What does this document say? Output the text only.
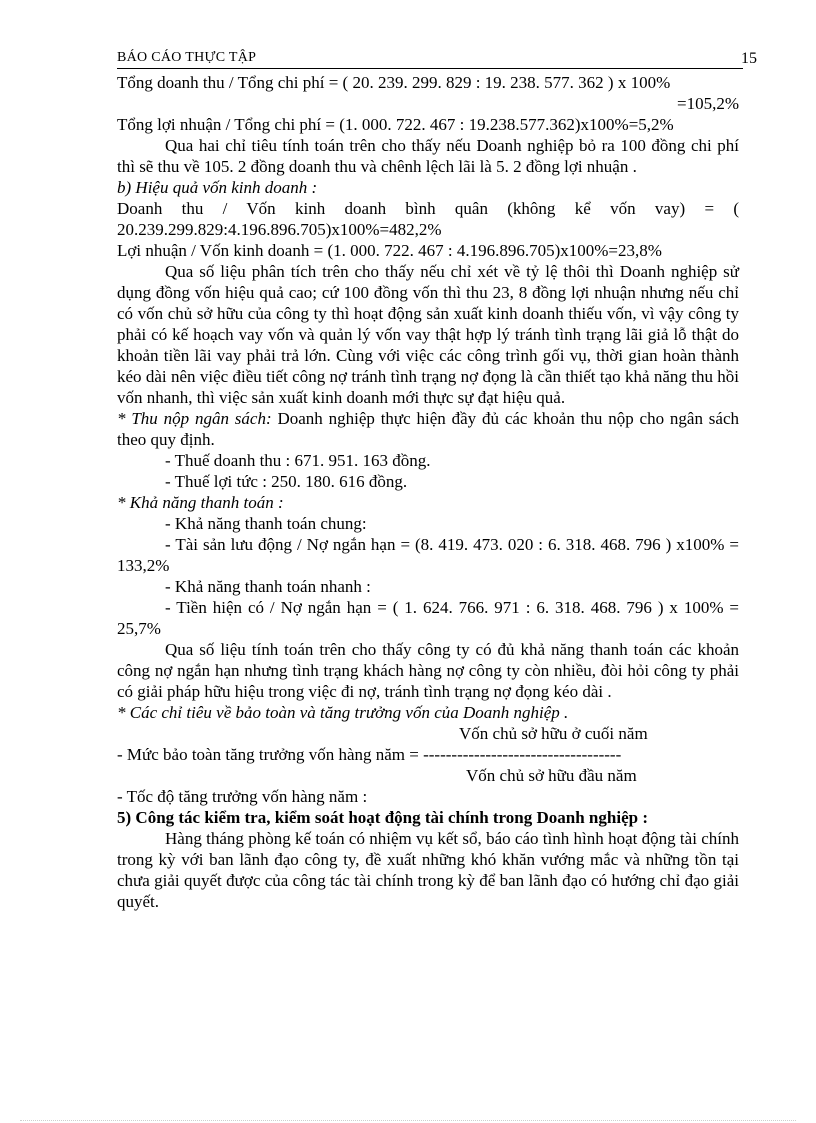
BÁO CÁO THỰC TẬP	15

Tổng doanh thu / Tổng chi phí = ( 20. 239. 299. 829 : 19. 238. 577. 362 ) x 100%

=105,2%

Tổng lợi nhuận / Tổng chi phí = (1. 000. 722. 467 : 19.238.577.362)x100%=5,2%

Qua hai chỉ tiêu tính toán trên cho thấy nếu Doanh nghiệp bỏ ra 100 đồng chi phí thì sẽ thu về 105. 2 đồng doanh thu và chênh lệch lãi là 5. 2 đồng lợi nhuận .

b) Hiệu quả vốn kinh doanh :

Doanh thu / Vốn kinh doanh bình quân (không kể vốn vay) = ( 20.239.299.829:4.196.896.705)x100%=482,2%

Lợi nhuận / Vốn kinh doanh = (1. 000. 722. 467 : 4.196.896.705)x100%=23,8%

Qua số liệu phân tích trên cho thấy nếu chỉ xét về tỷ lệ thôi thì Doanh nghiệp sử dụng đồng vốn hiệu quả cao; cứ 100 đồng vốn thì thu 23, 8 đồng lợi nhuận nhưng nếu chỉ có vốn chủ sở hữu của công ty thì hoạt động sản xuất kinh doanh thiếu vốn, vì vậy công ty phải có kế hoạch vay vốn và quản lý vốn vay thật hợp lý tránh tình trạng lãi giả lỗ thật do khoản tiền lãi vay phải trả lớn. Cùng với việc các công trình gối vụ, thời gian hoàn thành kéo dài nên việc điều tiết công nợ tránh tình trạng nợ đọng là cần thiết tạo khả năng thu hồi vốn nhanh, thì việc sản xuất kinh doanh mới thực sự đạt hiệu quả.

* Thu nộp ngân sách: Doanh nghiệp thực hiện đầy đủ các khoản thu nộp cho ngân sách theo quy định.

- Thuế doanh thu : 671. 951. 163 đồng.

- Thuế lợi tức : 250. 180. 616 đồng.

* Khả năng thanh toán :

- Khả năng thanh toán chung:

- Tài sản lưu động / Nợ ngắn hạn = (8. 419. 473. 020 : 6. 318. 468. 796 ) x100% = 133,2%

- Khả năng thanh toán nhanh :

- Tiền hiện có / Nợ ngắn hạn = ( 1. 624. 766. 971 : 6. 318. 468. 796 ) x 100% = 25,7%

Qua số liệu tính toán trên cho thấy công ty có đủ khả năng thanh toán các khoản công nợ ngắn hạn nhưng tình trạng khách hàng nợ công ty còn nhiều, đòi hỏi công ty phải có giải pháp hữu hiệu trong việc đi nợ, tránh tình trạng nợ đọng kéo dài .

* Các chỉ tiêu về bảo toàn và tăng trưởng vốn của Doanh nghiệp .

Vốn chủ sở hữu ở cuối năm
- Mức bảo toàn tăng trưởng vốn hàng năm = -----------------------------------
Vốn chủ sở hữu đầu năm

- Tốc độ tăng trưởng vốn hàng năm :

5) Công tác kiểm tra, kiểm soát hoạt động tài chính trong Doanh nghiệp :

Hàng tháng phòng kế toán có nhiệm vụ kết sổ, báo cáo tình hình hoạt động tài chính trong kỳ với ban lãnh đạo công ty, đề xuất những khó khăn vướng mắc và những tồn tại chưa giải quyết được của công tác tài chính trong kỳ để ban lãnh đạo có hướng chỉ đạo giải quyết.
